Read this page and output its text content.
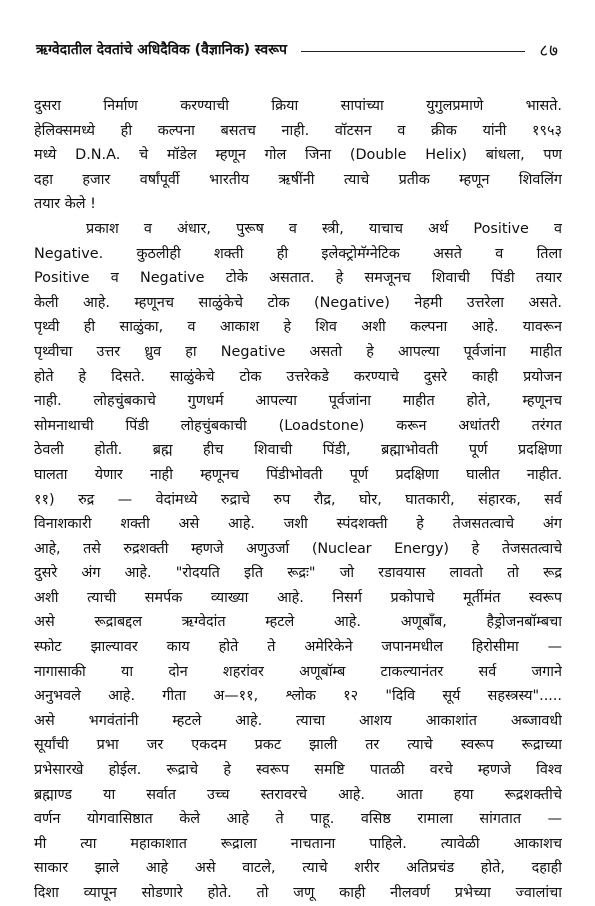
ऋग्वेदातील देवतांचे अधिदैविक (वैज्ञानिक) स्वरूप	८७
दुसरा निर्माण करण्याची क्रिया सापांच्या युगुलप्रमाणे भासते.
हेलिक्समध्ये ही कल्पना बसतच नाही. वॉटसन व क्रीक यांनी १९५३
मध्ये D.N.A. चे मॉडेल म्हणून गोल जिना (Double Helix) बांधला, पण
दहा हजार वर्षांपूर्वी भारतीय ऋषींनी त्याचे प्रतीक म्हणून शिवलिंग
तयार केले !
प्रकाश व अंधार, पुरूष व स्त्री, याचाच अर्थ Positive व
Negative. कुठलीही शक्ती ही इलेक्ट्रोमॅग्नेटिक असते व तिला
Positive व Negative टोके असतात. हे समजूनच शिवाची पिंडी तयार
केली आहे. म्हणूनच साळुंकेचे टोक (Negative) नेहमी उत्तरेला असते.
पृथ्वी ही साळुंका, व आकाश हे शिव अशी कल्पना आहे. यावरून
पृथ्वीचा उत्तर ध्रुव हा Negative असतो हे आपल्या पूर्वजांना माहीत
होते हे दिसते. साळुंकेचे टोक उत्तरेकडे करण्याचे दुसरे काही प्रयोजन
नाही. लोहचुंबकाचे गुणधर्म आपल्या पूर्वजांना माहीत होते, म्हणूनच
सोमनाथाची पिंडी लोहचुंबकाची (Loadstone) करून अधांतरी तरंगत
ठेवली होती. ब्रह्म हीच शिवाची पिंडी, ब्रह्माभोवती पूर्ण प्रदक्षिणा
घालता येणार नाही म्हणूनच पिंडीभोवती पूर्ण प्रदक्षिणा घालीत नाहीत.
११) रुद्र — वेदांमध्ये रुद्राचे रुप रौद्र, घोर, घातकारी, संहारक, सर्व
विनाशकारी शक्ती असे आहे. जशी स्पंदशक्ती हे तेजसतत्वाचे अंग
आहे, तसे रुद्रशक्ती म्हणजे अणुउर्जा (Nuclear Energy) हे तेजसतत्वाचे
दुसरे अंग आहे. "रोदयति इति रूद्रः" जो रडावयास लावतो तो रूद्र
अशी त्याची समर्पक व्याख्या आहे. निसर्ग प्रकोपाचे मूर्तीमंत स्वरूप
असे रूद्राबद्दल ऋग्वेदांत म्हटले आहे. अणूबॉंब, हैड्रोजनबॉम्बचा
स्फोट झाल्यावर काय होते ते अमेरिकेने जपानमधील हिरोसीमा —
नागासाकी या दोन शहरांवर अणूबॉम्ब टाकल्यानंतर सर्व जगाने
अनुभवले आहे. गीता अ—११, श्लोक १२ "दिवि सूर्य सहस्त्रस्य".....
असे भगवंतांनी म्हटले आहे. त्याचा आशय आकाशांत अब्जावधी
सूर्यांची प्रभा जर एकदम प्रकट झाली तर त्याचे स्वरूप रूद्राच्या
प्रभेसारखे होईल. रूद्राचे हे स्वरूप समष्टि पातळी वरचे म्हणजे विश्व
ब्रह्माण्ड या सर्वात उच्च स्तरावरचे आहे. आता हया रूद्रशक्तीचे
वर्णन योगवासिष्ठात केले आहे ते पाहू. वसिष्ठ रामाला सांगतात —
मी त्या महाकाशात रूद्राला नाचताना पाहिले. त्यावेळी आकाशच
साकार झाले आहे असे वाटले, त्याचे शरीर अतिप्रचंड होते, दहाही
दिशा व्यापून सोडणारे होते. तो जणू काही नीलवर्ण प्रभेच्या ज्वालांचा
